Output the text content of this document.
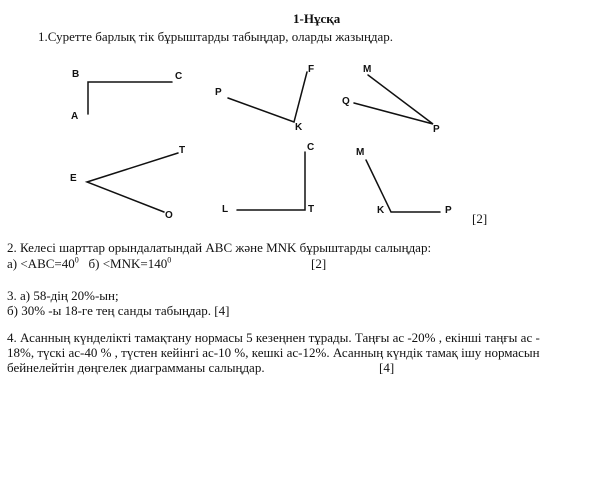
1-Нұсқа
1.Суретте барлық тік бұрыштарды табыңдар, оларды жазыңдар.
B	C
A
F
P
K
M
Q
P
T
E
O
C
L	T
M
K	P
[2]
2. Келесі шарттар орындалатындай ABC және MNK бұрыштарды салыңдар:
$а) <ABC=40^0$ $б) <MNK=140^0$	[2]
3. а) 58-дің 20%-ын;
б) 30% -ы 18-ге тең санды табыңдар. [4]
4. Асанның күнделікті тамақтану нормасы 5 кезеңнен тұрады. Таңғы ас -20% , екінші таңғы ас -
18%, түскі ас-40 % , түстен кейінгі ас-10 %, кешкі ас-12%. Асанның күндік тамақ ішу нормасын
бейнелейтін дөңгелек диаграмманы салыңдар.	[4]
